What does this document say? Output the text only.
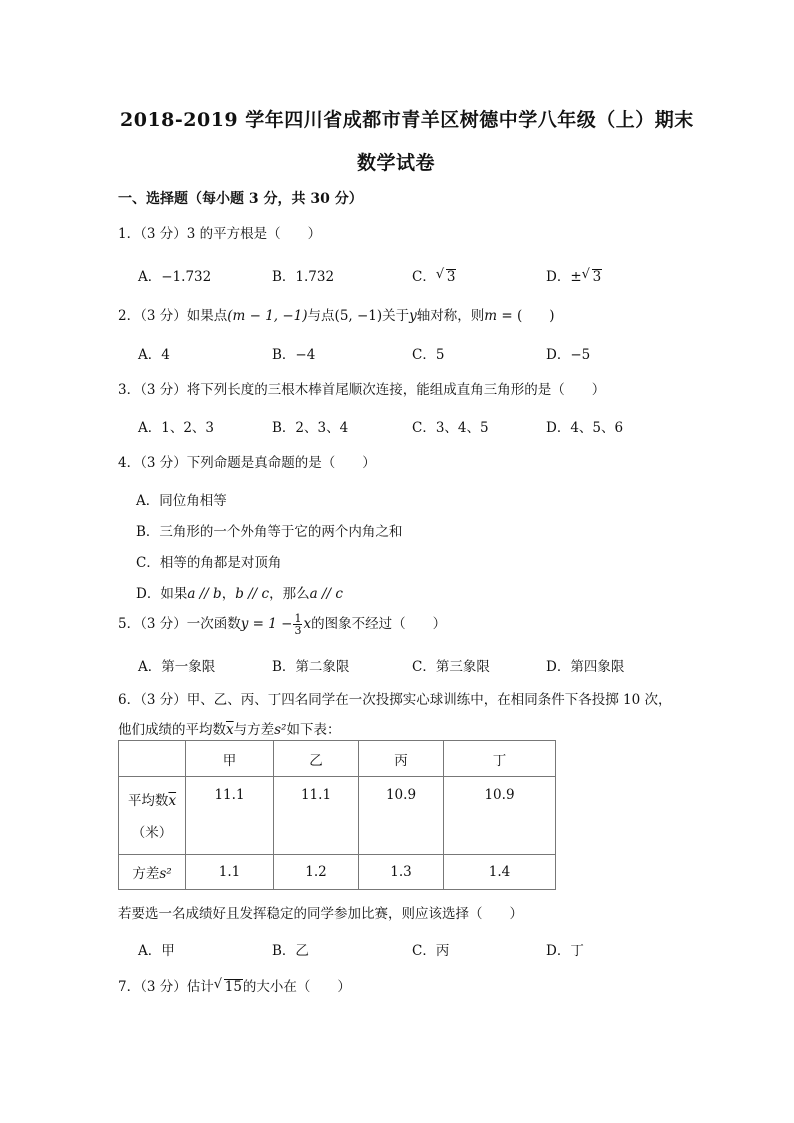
2018-2019 学年四川省成都市青羊区树德中学八年级（上）期末
数学试卷
一、选择题（每小题 3 分，共 30 分）
1．（3 分）3 的平方根是（　　）
A．−1.732	B．1.732	C． √ 3	D．± √ 3
2．（3 分）如果点(m − 1, −1)与点(5, −1)关于y轴对称，则m = (　　)
A．4	B．−4	C．5	D．−5
3．（3 分）将下列长度的三根木棒首尾顺次连接，能组成直角三角形的是（　　）
A．1、2、3	B．2、3、4	C．3、4、5	D．4、5、6
4．（3 分）下列命题是真命题的是（　　）
A．同位角相等
B．三角形的一个外角等于它的两个内角之和
C．相等的角都是对顶角
D．如果a // b，b // c，那么a // c
5．（3 分）一次函数$y = 1 - \frac{1}{3}$ x的图象不经过（　　）
A．第一象限	B．第二象限	C．第三象限	D．第四象限
6．（3 分）甲、乙、丙、丁四名同学在一次投掷实心球训练中，在相同条件下各投掷 10 次，
他们成绩的平均数$\overline{x}$与方差s²如下表：
	甲	乙	丙	丁
平均数$\overline{x}$
（米）	11.1	11.1	10.9	10.9
方差s²	1.1	1.2	1.3	1.4
若要选一名成绩好且发挥稳定的同学参加比赛，则应该选择（　　）
A．甲	B．乙	C．丙	D．丁
7．（3 分）估计 √ 15的大小在（　　）
